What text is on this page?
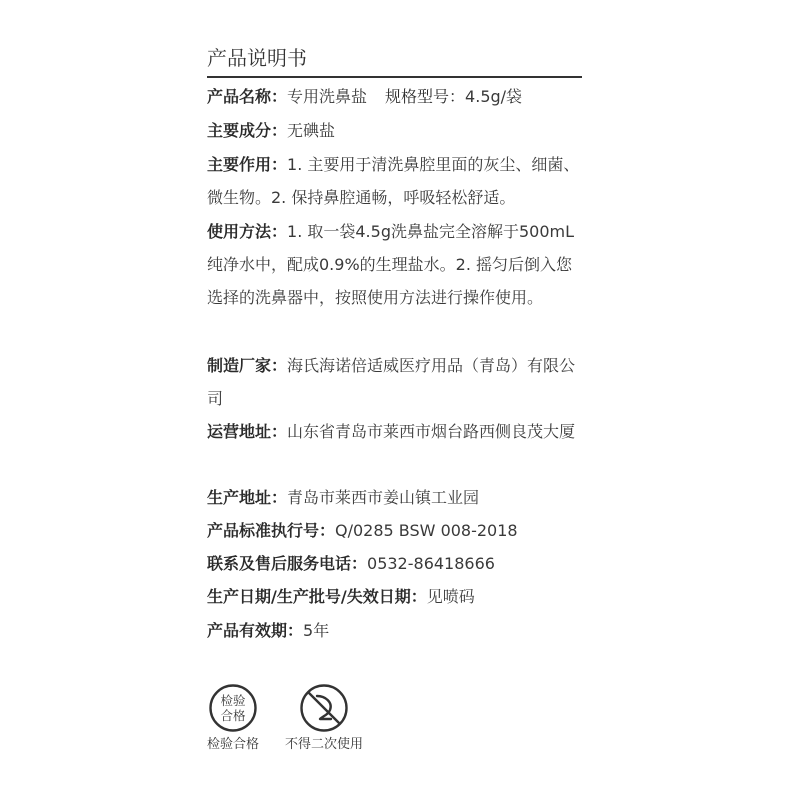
产品说明书
产品名称：专用洗鼻盐 规格型号：4.5g/袋
主要成分：无碘盐
主要作用：1. 主要用于清洗鼻腔里面的灰尘、细菌、微生物。2. 保持鼻腔通畅，呼吸轻松舒适。
使用方法：1. 取一袋4.5g洗鼻盐完全溶解于500mL纯净水中，配成0.9%的生理盐水。2. 摇匀后倒入您选择的洗鼻器中，按照使用方法进行操作使用。
制造厂家：海氏海诺倍适威医疗用品（青岛）有限公司
运营地址：山东省青岛市莱西市烟台路西侧良茂大厦
生产地址：青岛市莱西市姜山镇工业园
产品标准执行号：Q/0285 BSW 008-2018
联系及售后服务电话：0532-86418666
生产日期/生产批号/失效日期：见喷码
产品有效期：5年
检验
合格
检验合格	不得二次使用
